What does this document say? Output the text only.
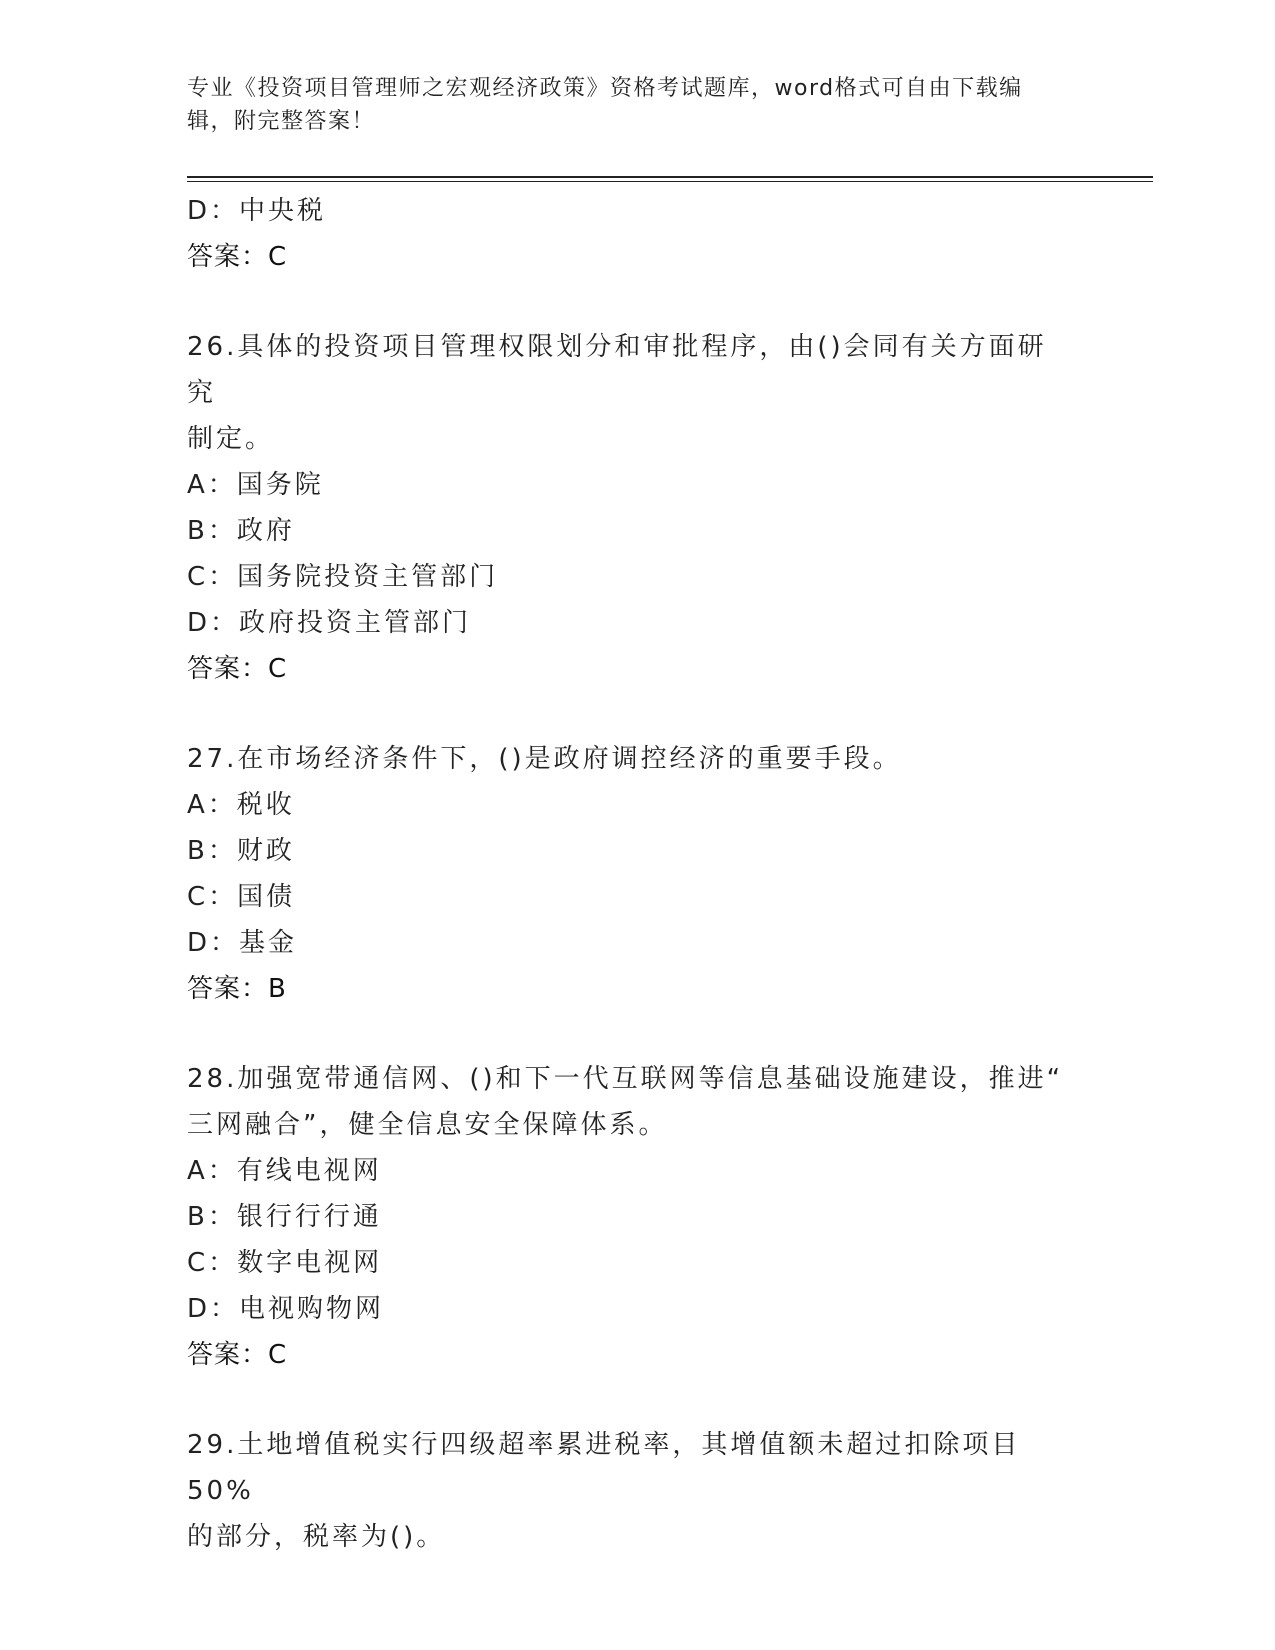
专业《投资项目管理师之宏观经济政策》资格考试题库，word格式可自由下载编
辑，附完整答案！
D：中央税
答案：C
26.具体的投资项目管理权限划分和审批程序，由()会同有关方面研究
制定。
A：国务院
B：政府
C：国务院投资主管部门
D：政府投资主管部门
答案：C
27.在市场经济条件下，()是政府调控经济的重要手段。
A：税收
B：财政
C：国债
D：基金
答案：B
28.加强宽带通信网、()和下一代互联网等信息基础设施建设，推进“
三网融合”，健全信息安全保障体系。
A：有线电视网
B：银行行行通
C：数字电视网
D：电视购物网
答案：C
29.土地增值税实行四级超率累进税率，其增值额未超过扣除项目50%
的部分，税率为()。
